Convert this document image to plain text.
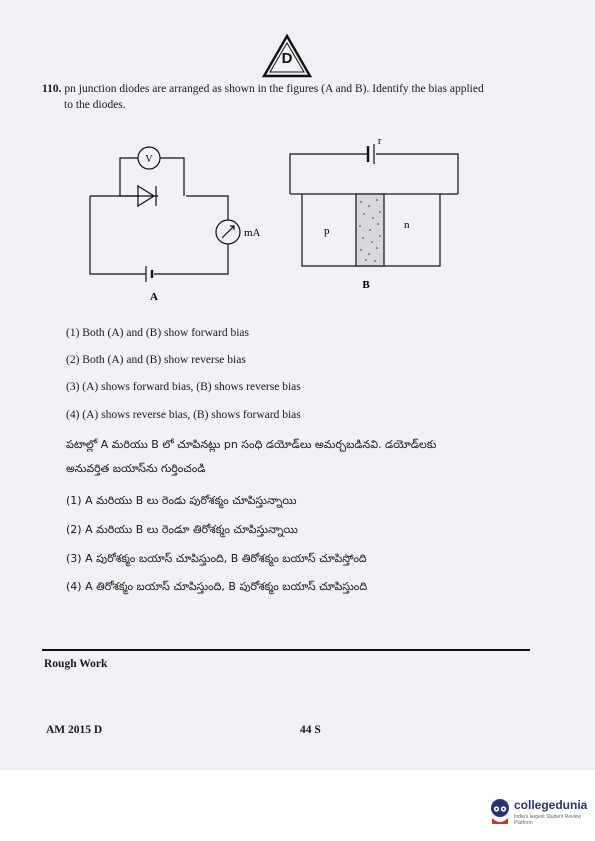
D
110. pn junction diodes are arranged as shown in the figures (A and B). Identify the bias applied
to the diodes.
V
mA
A
r
p	n
B
(1) Both (A) and (B) show forward bias
(2) Both (A) and (B) show reverse bias
(3) (A) shows forward bias, (B) shows reverse bias
(4) (A) shows reverse bias, (B) shows forward bias
పటాల్లో A మరియు B లో చూపినట్లు pn సంధి డయోడ్‌లు అమర్చబడినవి. డయోడ్‌లకు
అనువర్తిత బయాస్‌ను గుర్తించండి
(1) A మరియు B లు రెండు పురోశక్మం చూపిస్తున్నాయి
(2) A మరియు B లు రెండూ తిరోశక్మం చూపిస్తున్నాయి
(3) A పురోశక్మం బయాస్ చూపిస్తుంది, B తిరోశక్మం బయాస్ చూపిస్తోంది
(4) A తిరోశక్మం బయాస్ చూపిస్తుంది, B పురోశక్మం బయాస్ చూపిస్తుంది
Rough Work
AM 2015 D	44 S
collegedunia
India's largest Student Review Platform
